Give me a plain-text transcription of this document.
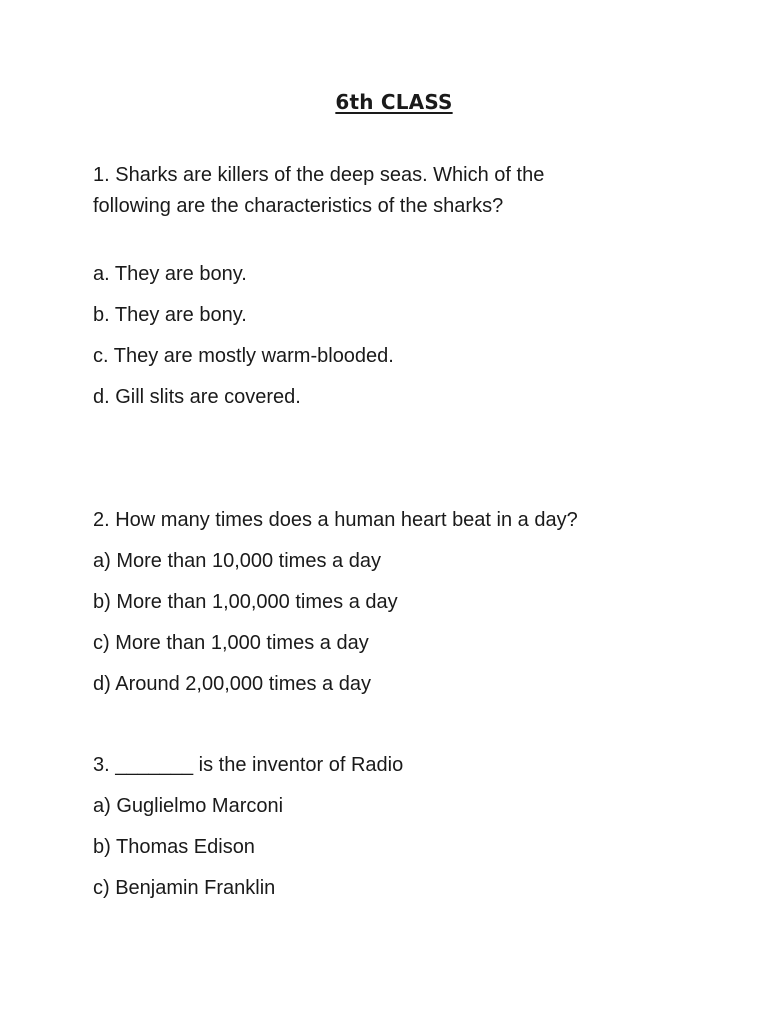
6th CLASS
1. Sharks are killers of the deep seas. Which of the
following are the characteristics of the sharks?
a. They are bony.
b. They are bony.
c. They are mostly warm-blooded.
d. Gill slits are covered.
2. How many times does a human heart beat in a day?
a) More than 10,000 times a day
b) More than 1,00,000 times a day
c) More than 1,000 times a day
d) Around 2,00,000 times a day
3. _______ is the inventor of Radio
a) Guglielmo Marconi
b) Thomas Edison
c) Benjamin Franklin
